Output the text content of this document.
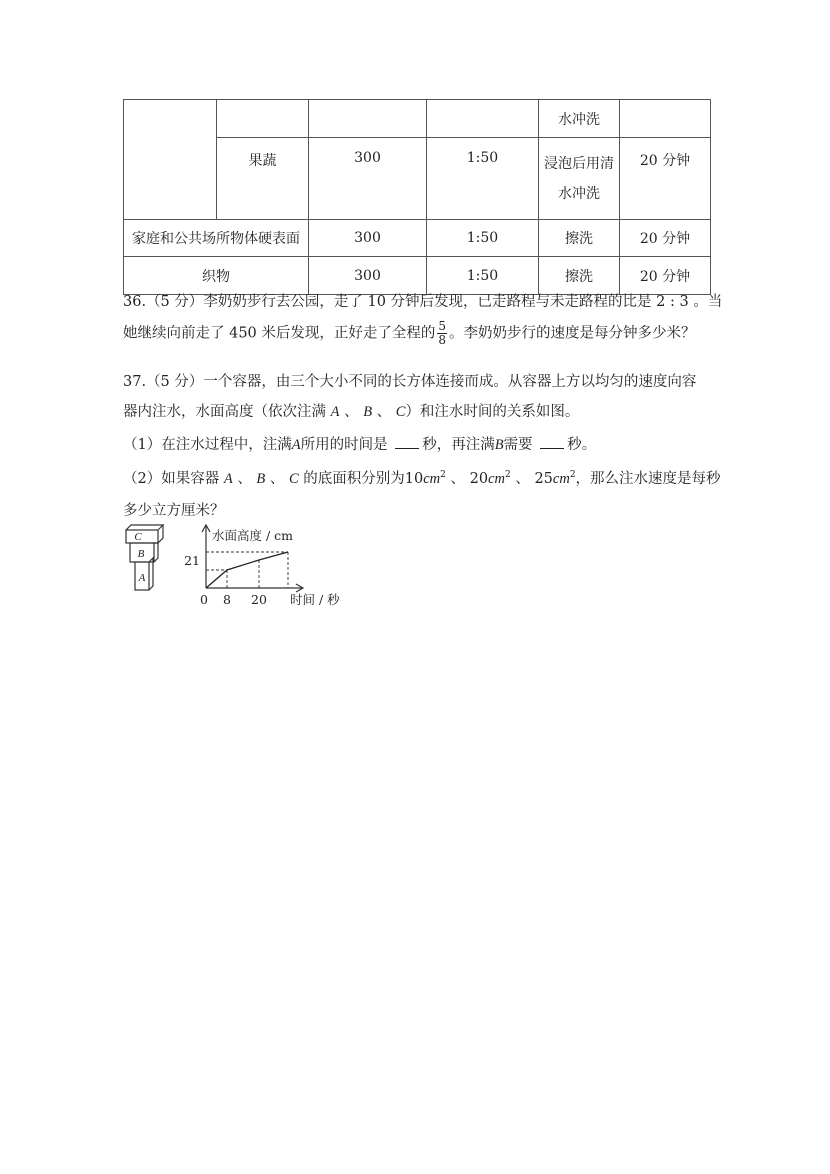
				水冲洗	
	果蔬	300	1:50	浸泡后用清
水冲洗	20 分钟
家庭和公共场所物体硬表面		300	1:50	擦洗	20 分钟
织物		300	1:50	擦洗	20 分钟
36.（5 分）李奶奶步行去公园，走了 10 分钟后发现，已走路程与未走路程的比是 2 : 3 。当
她继续向前走了 450 米后发现，正好走了全程的 $\frac{5}{8}$ 。李奶奶步行的速度是每分钟多少米？
37.（5 分）一个容器，由三个大小不同的长方体连接而成。从容器上方以均匀的速度向容
器内注水，水面高度（依次注满 A 、 B 、 C）和注水时间的关系如图。
（1）在注水过程中，注满A所用的时间是 秒，再注满B需要 秒。
（2）如果容器 A 、 B 、 C 的底面积分别为$10cm^2$ 、 $20cm^2$ 、 $25cm^2$，那么注水速度是每秒
多少立方厘米？
C
B
A
水面高度 / cm
21
0 8 20 时间 / 秒
